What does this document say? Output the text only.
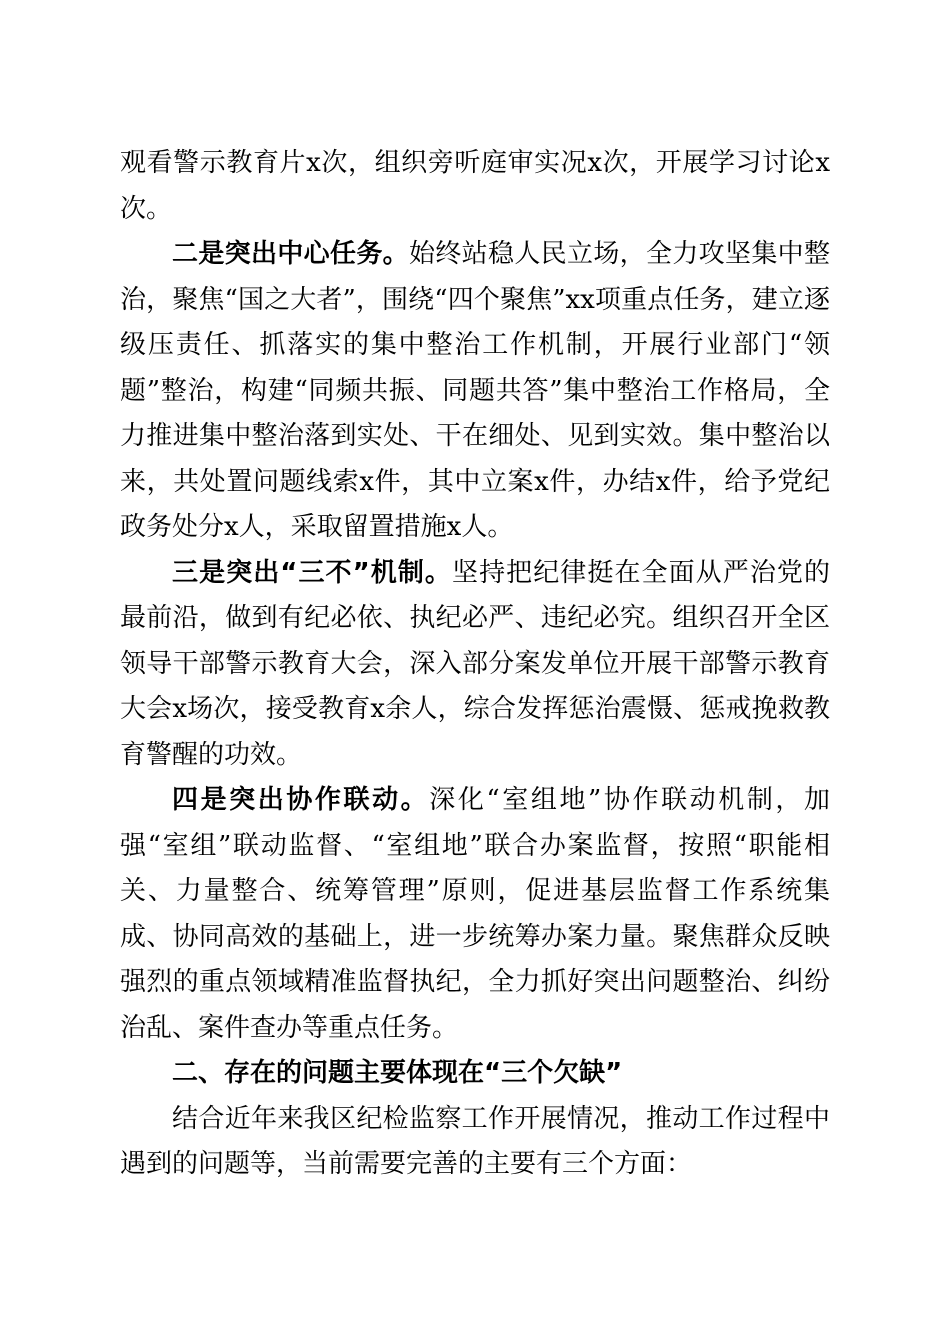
观看警示教育片x次，组织旁听庭审实况x次，开展学习讨论x次。

二是突出中心任务。始终站稳人民立场，全力攻坚集中整治，聚焦“国之大者”，围绕“四个聚焦”xx项重点任务，建立逐级压责任、抓落实的集中整治工作机制，开展行业部门“领题”整治，构建“同频共振、同题共答”集中整治工作格局，全力推进集中整治落到实处、干在细处、见到实效。集中整治以来，共处置问题线索x件，其中立案x件，办结x件，给予党纪政务处分x人，采取留置措施x人。

三是突出“三不”机制。坚持把纪律挺在全面从严治党的最前沿，做到有纪必依、执纪必严、违纪必究。组织召开全区领导干部警示教育大会，深入部分案发单位开展干部警示教育大会x场次，接受教育x余人，综合发挥惩治震慑、惩戒挽救教育警醒的功效。

四是突出协作联动。深化“室组地”协作联动机制，加强“室组”联动监督、“室组地”联合办案监督，按照“职能相关、力量整合、统筹管理”原则，促进基层监督工作系统集成、协同高效的基础上，进一步统筹办案力量。聚焦群众反映强烈的重点领域精准监督执纪，全力抓好突出问题整治、纠纷治乱、案件查办等重点任务。

二、存在的问题主要体现在“三个欠缺”

结合近年来我区纪检监察工作开展情况，推动工作过程中遇到的问题等，当前需要完善的主要有三个方面：
